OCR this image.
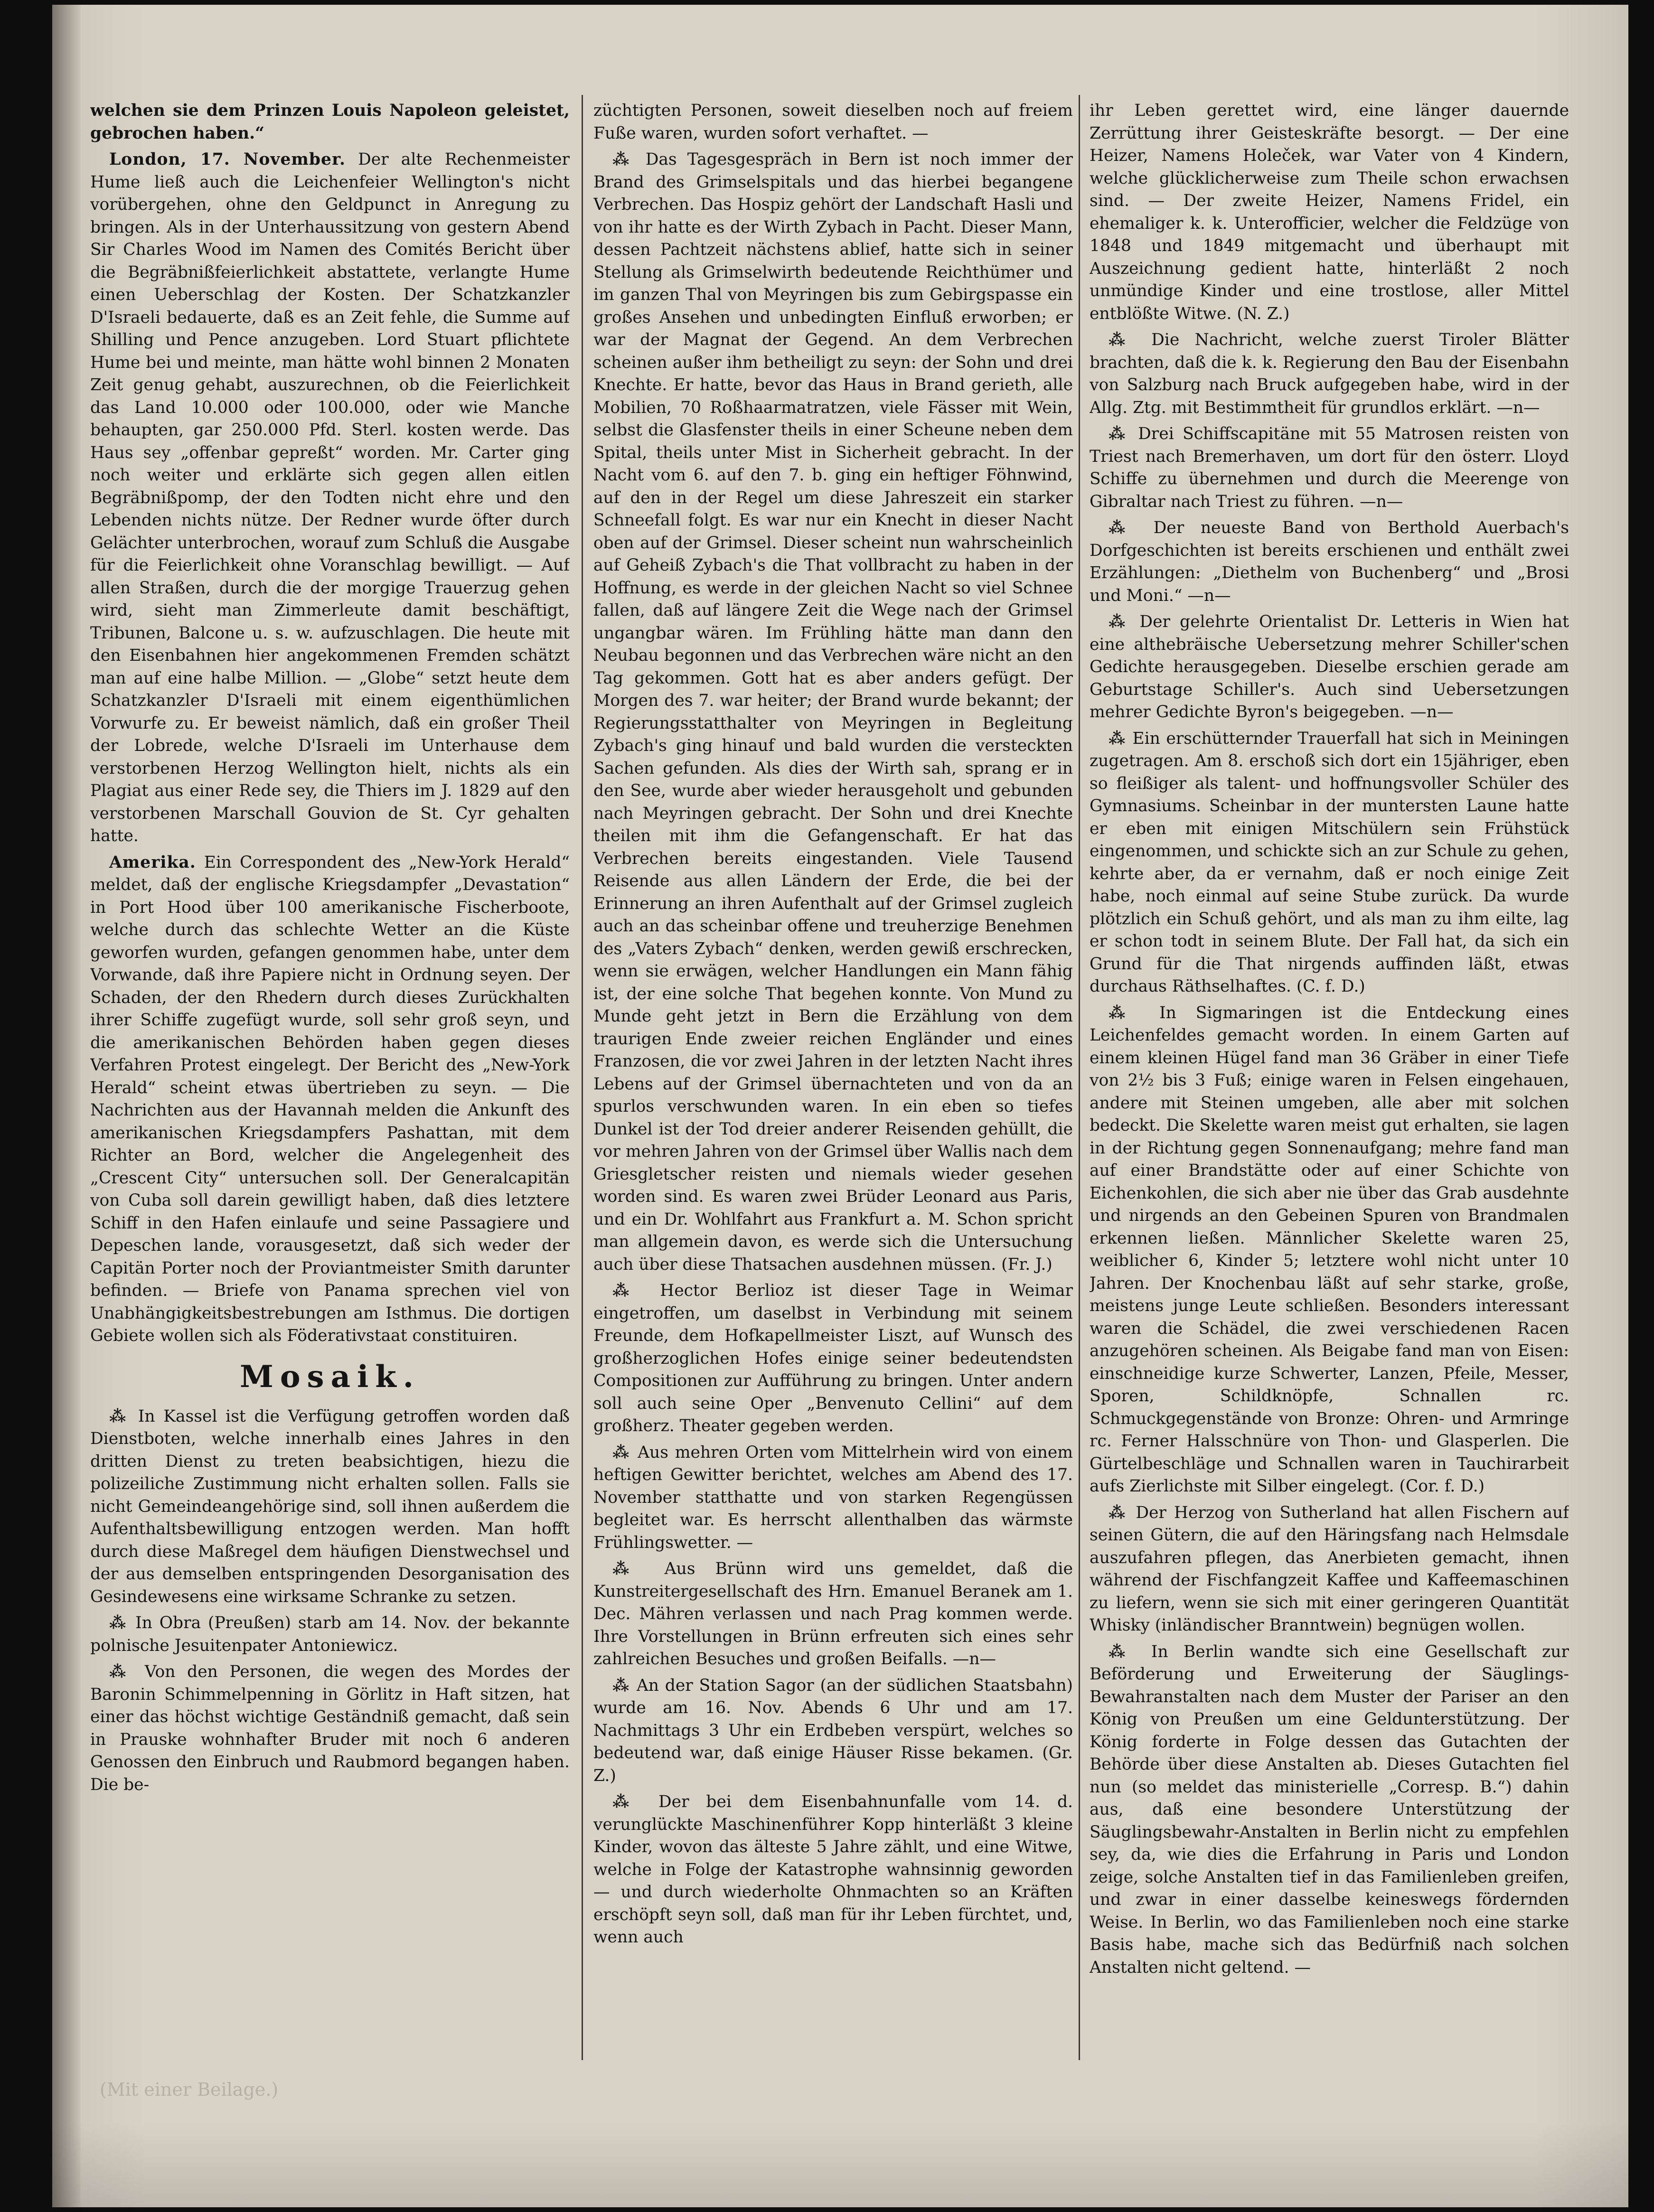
welchen sie dem Prinzen Louis Napoleon geleistet, gebrochen haben.“

London, 17. November. Der alte Rechenmeister Hume ließ auch die Leichenfeier Wellington's nicht vorübergehen, ohne den Geldpunct in Anregung zu bringen. Als in der Unterhaussitzung von gestern Abend Sir Charles Wood im Namen des Comités Bericht über die Begräbnißfeierlichkeit abstattete, verlangte Hume einen Ueberschlag der Kosten. Der Schatzkanzler D'Israeli bedauerte, daß es an Zeit fehle, die Summe auf Shilling und Pence anzugeben. Lord Stuart pflichtete Hume bei und meinte, man hätte wohl binnen 2 Monaten Zeit genug gehabt, auszurechnen, ob die Feierlichkeit das Land 10.000 oder 100.000, oder wie Manche behaupten, gar 250.000 Pfd. Sterl. kosten werde. Das Haus sey „offenbar gepreßt“ worden. Mr. Carter ging noch weiter und erklärte sich gegen allen eitlen Begräbnißpomp, der den Todten nicht ehre und den Lebenden nichts nütze. Der Redner wurde öfter durch Gelächter unterbrochen, worauf zum Schluß die Ausgabe für die Feierlichkeit ohne Voranschlag bewilligt. — Auf allen Straßen, durch die der morgige Trauerzug gehen wird, sieht man Zimmerleute damit beschäftigt, Tribunen, Balcone u. s. w. aufzuschlagen. Die heute mit den Eisenbahnen hier angekommenen Fremden schätzt man auf eine halbe Million. — „Globe“ setzt heute dem Schatzkanzler D'Israeli mit einem eigenthümlichen Vorwurfe zu. Er beweist nämlich, daß ein großer Theil der Lobrede, welche D'Israeli im Unterhause dem verstorbenen Herzog Wellington hielt, nichts als ein Plagiat aus einer Rede sey, die Thiers im J. 1829 auf den verstorbenen Marschall Gouvion de St. Cyr gehalten hatte.

Amerika. Ein Correspondent des „New-York Herald“ meldet, daß der englische Kriegsdampfer „Devastation“ in Port Hood über 100 amerikanische Fischerboote, welche durch das schlechte Wetter an die Küste geworfen wurden, gefangen genommen habe, unter dem Vorwande, daß ihre Papiere nicht in Ordnung seyen. Der Schaden, der den Rhedern durch dieses Zurückhalten ihrer Schiffe zugefügt wurde, soll sehr groß seyn, und die amerikanischen Behörden haben gegen dieses Verfahren Protest eingelegt. Der Bericht des „New-York Herald“ scheint etwas übertrieben zu seyn. — Die Nachrichten aus der Havannah melden die Ankunft des amerikanischen Kriegsdampfers Pashattan, mit dem Richter an Bord, welcher die Angelegenheit des „Crescent City“ untersuchen soll. Der Generalcapitän von Cuba soll darein gewilligt haben, daß dies letztere Schiff in den Hafen einlaufe und seine Passagiere und Depeschen lande, vorausgesetzt, daß sich weder der Capitän Porter noch der Proviantmeister Smith darunter befinden. — Briefe von Panama sprechen viel von Unabhängigkeitsbestrebungen am Isthmus. Die dortigen Gebiete wollen sich als Föderativstaat constituiren.

Mosaik.

⁂ In Kassel ist die Verfügung getroffen worden daß Dienstboten, welche innerhalb eines Jahres in den dritten Dienst zu treten beabsichtigen, hiezu die polizeiliche Zustimmung nicht erhalten sollen. Falls sie nicht Gemeindeangehörige sind, soll ihnen außerdem die Aufenthaltsbewilligung entzogen werden. Man hofft durch diese Maßregel dem häufigen Dienstwechsel und der aus demselben entspringenden Desorganisation des Gesindewesens eine wirksame Schranke zu setzen.

⁂ In Obra (Preußen) starb am 14. Nov. der bekannte polnische Jesuitenpater Antoniewicz.

⁂ Von den Personen, die wegen des Mordes der Baronin Schimmelpenning in Görlitz in Haft sitzen, hat einer das höchst wichtige Geständniß gemacht, daß sein in Prauske wohnhafter Bruder mit noch 6 anderen Genossen den Einbruch und Raubmord begangen haben. Die be-

züchtigten Personen, soweit dieselben noch auf freiem Fuße waren, wurden sofort verhaftet. —

⁂ Das Tagesgespräch in Bern ist noch immer der Brand des Grimselspitals und das hierbei begangene Verbrechen. Das Hospiz gehört der Landschaft Hasli und von ihr hatte es der Wirth Zybach in Pacht. Dieser Mann, dessen Pachtzeit nächstens ablief, hatte sich in seiner Stellung als Grimselwirth bedeutende Reichthümer und im ganzen Thal von Meyringen bis zum Gebirgspasse ein großes Ansehen und unbedingten Einfluß erworben; er war der Magnat der Gegend. An dem Verbrechen scheinen außer ihm betheiligt zu seyn: der Sohn und drei Knechte. Er hatte, bevor das Haus in Brand gerieth, alle Mobilien, 70 Roßhaarmatratzen, viele Fässer mit Wein, selbst die Glasfenster theils in einer Scheune neben dem Spital, theils unter Mist in Sicherheit gebracht. In der Nacht vom 6. auf den 7. b. ging ein heftiger Föhnwind, auf den in der Regel um diese Jahreszeit ein starker Schneefall folgt. Es war nur ein Knecht in dieser Nacht oben auf der Grimsel. Dieser scheint nun wahrscheinlich auf Geheiß Zybach's die That vollbracht zu haben in der Hoffnung, es werde in der gleichen Nacht so viel Schnee fallen, daß auf längere Zeit die Wege nach der Grimsel ungangbar wären. Im Frühling hätte man dann den Neubau begonnen und das Verbrechen wäre nicht an den Tag gekommen. Gott hat es aber anders gefügt. Der Morgen des 7. war heiter; der Brand wurde bekannt; der Regierungsstatthalter von Meyringen in Begleitung Zybach's ging hinauf und bald wurden die versteckten Sachen gefunden. Als dies der Wirth sah, sprang er in den See, wurde aber wieder herausgeholt und gebunden nach Meyringen gebracht. Der Sohn und drei Knechte theilen mit ihm die Gefangenschaft. Er hat das Verbrechen bereits eingestanden. Viele Tausend Reisende aus allen Ländern der Erde, die bei der Erinnerung an ihren Aufenthalt auf der Grimsel zugleich auch an das scheinbar offene und treuherzige Benehmen des „Vaters Zybach“ denken, werden gewiß erschrecken, wenn sie erwägen, welcher Handlungen ein Mann fähig ist, der eine solche That begehen konnte. Von Mund zu Munde geht jetzt in Bern die Erzählung von dem traurigen Ende zweier reichen Engländer und eines Franzosen, die vor zwei Jahren in der letzten Nacht ihres Lebens auf der Grimsel übernachteten und von da an spurlos verschwunden waren. In ein eben so tiefes Dunkel ist der Tod dreier anderer Reisenden gehüllt, die vor mehren Jahren von der Grimsel über Wallis nach dem Griesgletscher reisten und niemals wieder gesehen worden sind. Es waren zwei Brüder Leonard aus Paris, und ein Dr. Wohlfahrt aus Frankfurt a. M. Schon spricht man allgemein davon, es werde sich die Untersuchung auch über diese Thatsachen ausdehnen müssen. (Fr. J.)

⁂ Hector Berlioz ist dieser Tage in Weimar eingetroffen, um daselbst in Verbindung mit seinem Freunde, dem Hofkapellmeister Liszt, auf Wunsch des großherzoglichen Hofes einige seiner bedeutendsten Compositionen zur Aufführung zu bringen. Unter andern soll auch seine Oper „Benvenuto Cellini“ auf dem großherz. Theater gegeben werden.

⁂ Aus mehren Orten vom Mittelrhein wird von einem heftigen Gewitter berichtet, welches am Abend des 17. November statthatte und von starken Regengüssen begleitet war. Es herrscht allenthalben das wärmste Frühlingswetter. —

⁂ Aus Brünn wird uns gemeldet, daß die Kunstreitergesellschaft des Hrn. Emanuel Beranek am 1. Dec. Mähren verlassen und nach Prag kommen werde. Ihre Vorstellungen in Brünn erfreuten sich eines sehr zahlreichen Besuches und großen Beifalls. —n—

⁂ An der Station Sagor (an der südlichen Staatsbahn) wurde am 16. Nov. Abends 6 Uhr und am 17. Nachmittags 3 Uhr ein Erdbeben verspürt, welches so bedeutend war, daß einige Häuser Risse bekamen. (Gr. Z.)

⁂ Der bei dem Eisenbahnunfalle vom 14. d. verunglückte Maschinenführer Kopp hinterläßt 3 kleine Kinder, wovon das älteste 5 Jahre zählt, und eine Witwe, welche in Folge der Katastrophe wahnsinnig geworden — und durch wiederholte Ohnmachten so an Kräften erschöpft seyn soll, daß man für ihr Leben fürchtet, und, wenn auch

ihr Leben gerettet wird, eine länger dauernde Zerrüttung ihrer Geisteskräfte besorgt. — Der eine Heizer, Namens Holeček, war Vater von 4 Kindern, welche glücklicherweise zum Theile schon erwachsen sind. — Der zweite Heizer, Namens Fridel, ein ehemaliger k. k. Unterofficier, welcher die Feldzüge von 1848 und 1849 mitgemacht und überhaupt mit Auszeichnung gedient hatte, hinterläßt 2 noch unmündige Kinder und eine trostlose, aller Mittel entblößte Witwe. (N. Z.)

⁂ Die Nachricht, welche zuerst Tiroler Blätter brachten, daß die k. k. Regierung den Bau der Eisenbahn von Salzburg nach Bruck aufgegeben habe, wird in der Allg. Ztg. mit Bestimmtheit für grundlos erklärt. —n—

⁂ Drei Schiffscapitäne mit 55 Matrosen reisten von Triest nach Bremerhaven, um dort für den österr. Lloyd Schiffe zu übernehmen und durch die Meerenge von Gibraltar nach Triest zu führen. —n—

⁂ Der neueste Band von Berthold Auerbach's Dorfgeschichten ist bereits erschienen und enthält zwei Erzählungen: „Diethelm von Buchenberg“ und „Brosi und Moni.“ —n—

⁂ Der gelehrte Orientalist Dr. Letteris in Wien hat eine althebräische Uebersetzung mehrer Schiller'schen Gedichte herausgegeben. Dieselbe erschien gerade am Geburtstage Schiller's. Auch sind Uebersetzungen mehrer Gedichte Byron's beigegeben. —n—

⁂ Ein erschütternder Trauerfall hat sich in Meiningen zugetragen. Am 8. erschoß sich dort ein 15jähriger, eben so fleißiger als talent- und hoffnungsvoller Schüler des Gymnasiums. Scheinbar in der muntersten Laune hatte er eben mit einigen Mitschülern sein Frühstück eingenommen, und schickte sich an zur Schule zu gehen, kehrte aber, da er vernahm, daß er noch einige Zeit habe, noch einmal auf seine Stube zurück. Da wurde plötzlich ein Schuß gehört, und als man zu ihm eilte, lag er schon todt in seinem Blute. Der Fall hat, da sich ein Grund für die That nirgends auffinden läßt, etwas durchaus Räthselhaftes. (C. f. D.)

⁂ In Sigmaringen ist die Entdeckung eines Leichenfeldes gemacht worden. In einem Garten auf einem kleinen Hügel fand man 36 Gräber in einer Tiefe von 2½ bis 3 Fuß; einige waren in Felsen eingehauen, andere mit Steinen umgeben, alle aber mit solchen bedeckt. Die Skelette waren meist gut erhalten, sie lagen in der Richtung gegen Sonnenaufgang; mehre fand man auf einer Brandstätte oder auf einer Schichte von Eichenkohlen, die sich aber nie über das Grab ausdehnte und nirgends an den Gebeinen Spuren von Brandmalen erkennen ließen. Männlicher Skelette waren 25, weiblicher 6, Kinder 5; letztere wohl nicht unter 10 Jahren. Der Knochenbau läßt auf sehr starke, große, meistens junge Leute schließen. Besonders interessant waren die Schädel, die zwei verschiedenen Racen anzugehören scheinen. Als Beigabe fand man von Eisen: einschneidige kurze Schwerter, Lanzen, Pfeile, Messer, Sporen, Schildknöpfe, Schnallen rc. Schmuckgegenstände von Bronze: Ohren- und Armringe rc. Ferner Halsschnüre von Thon- und Glasperlen. Die Gürtelbeschläge und Schnallen waren in Tauchirarbeit aufs Zierlichste mit Silber eingelegt. (Cor. f. D.)

⁂ Der Herzog von Sutherland hat allen Fischern auf seinen Gütern, die auf den Häringsfang nach Helmsdale auszufahren pflegen, das Anerbieten gemacht, ihnen während der Fischfangzeit Kaffee und Kaffeemaschinen zu liefern, wenn sie sich mit einer geringeren Quantität Whisky (inländischer Branntwein) begnügen wollen.

⁂ In Berlin wandte sich eine Gesellschaft zur Beförderung und Erweiterung der Säuglings-Bewahranstalten nach dem Muster der Pariser an den König von Preußen um eine Geldunterstützung. Der König forderte in Folge dessen das Gutachten der Behörde über diese Anstalten ab. Dieses Gutachten fiel nun (so meldet das ministerielle „Corresp. B.“) dahin aus, daß eine besondere Unterstützung der Säuglingsbewahr-Anstalten in Berlin nicht zu empfehlen sey, da, wie dies die Erfahrung in Paris und London zeige, solche Anstalten tief in das Familienleben greifen, und zwar in einer dasselbe keineswegs fördernden Weise. In Berlin, wo das Familienleben noch eine starke Basis habe, mache sich das Bedürfniß nach solchen Anstalten nicht geltend. —

(Mit einer Beilage.)
